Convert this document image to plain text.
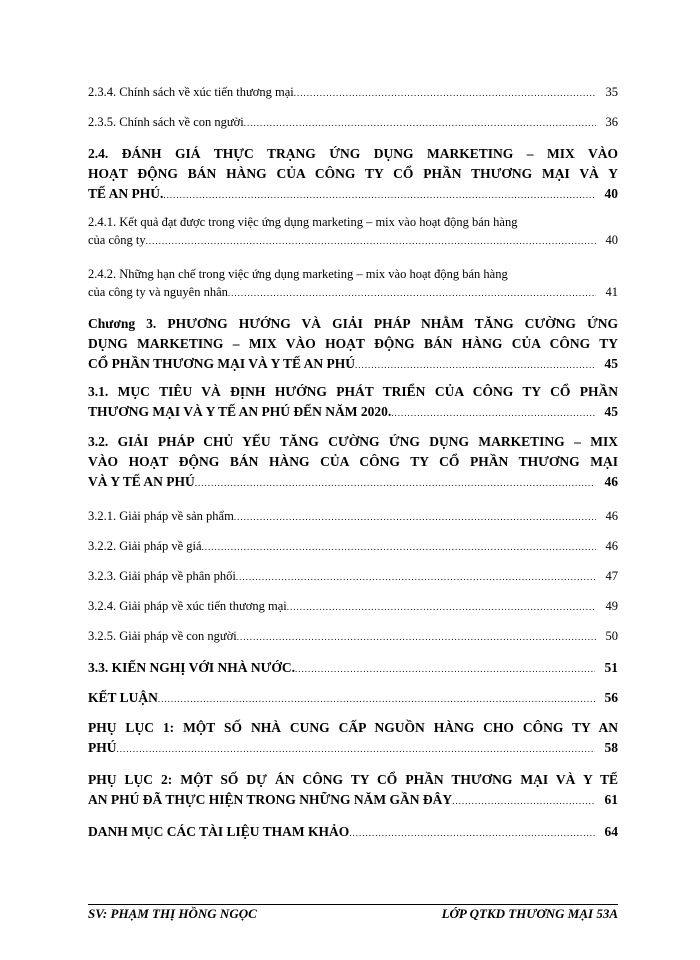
2.3.4. Chính sách về xúc tiến thương mại .....	35
2.3.5. Chính sách về con người .....	36
2.4. ĐÁNH GIÁ THỰC TRẠNG ỨNG DỤNG MARKETING – MIX VÀO
HOẠT ĐỘNG BÁN HÀNG CỦA CÔNG TY CỔ PHẦN THƯƠNG MẠI VÀ Y
TẾ AN PHÚ. .....	40
2.4.1. Kết quả đạt được trong việc ứng dụng marketing – mix vào hoạt động bán hàng
của công ty .....	40
2.4.2. Những hạn chế trong việc ứng dụng marketing – mix vào hoạt động bán hàng
của công ty và nguyên nhân .....	41
Chương 3. PHƯƠNG HƯỚNG VÀ GIẢI PHÁP NHẰM TĂNG CƯỜNG ỨNG
DỤNG MARKETING – MIX VÀO HOẠT ĐỘNG BÁN HÀNG CỦA CÔNG TY
CỔ PHẦN THƯƠNG MẠI VÀ Y TẾ AN PHÚ .....	45
3.1. MỤC TIÊU VÀ ĐỊNH HƯỚNG PHÁT TRIỂN CỦA CÔNG TY CỔ PHẦN
THƯƠNG MẠI VÀ Y TẾ AN PHÚ ĐẾN NĂM 2020. .....	45
3.2. GIẢI PHÁP CHỦ YẾU TĂNG CƯỜNG ỨNG DỤNG MARKETING – MIX
VÀO HOẠT ĐỘNG BÁN HÀNG CỦA CÔNG TY CỔ PHẦN THƯƠNG MẠI
VÀ Y TẾ AN PHÚ .....	46
3.2.1. Giải pháp về sản phẩm .....	46
3.2.2. Giải pháp về giá .....	46
3.2.3. Giải pháp về phân phối .....	47
3.2.4. Giải pháp về xúc tiến thương mại .....	49
3.2.5. Giải pháp về con người .....	50
3.3. KIẾN NGHỊ VỚI NHÀ NƯỚC. .....	51
KẾT LUẬN .....	56
PHỤ LỤC 1: MỘT SỐ NHÀ CUNG CẤP NGUỒN HÀNG CHO CÔNG TY AN
PHÚ .....	58
PHỤ LỤC 2: MỘT SỐ DỰ ÁN CÔNG TY CỔ PHẦN THƯƠNG MẠI VÀ Y TẾ
AN PHÚ ĐÃ THỰC HIỆN TRONG NHỮNG NĂM GẦN ĐÂY .....	61
DANH MỤC CÁC TÀI LIỆU THAM KHẢO .....	64
SV: PHẠM THỊ HỒNG NGỌC	LỚP QTKD THƯƠNG MẠI 53A
